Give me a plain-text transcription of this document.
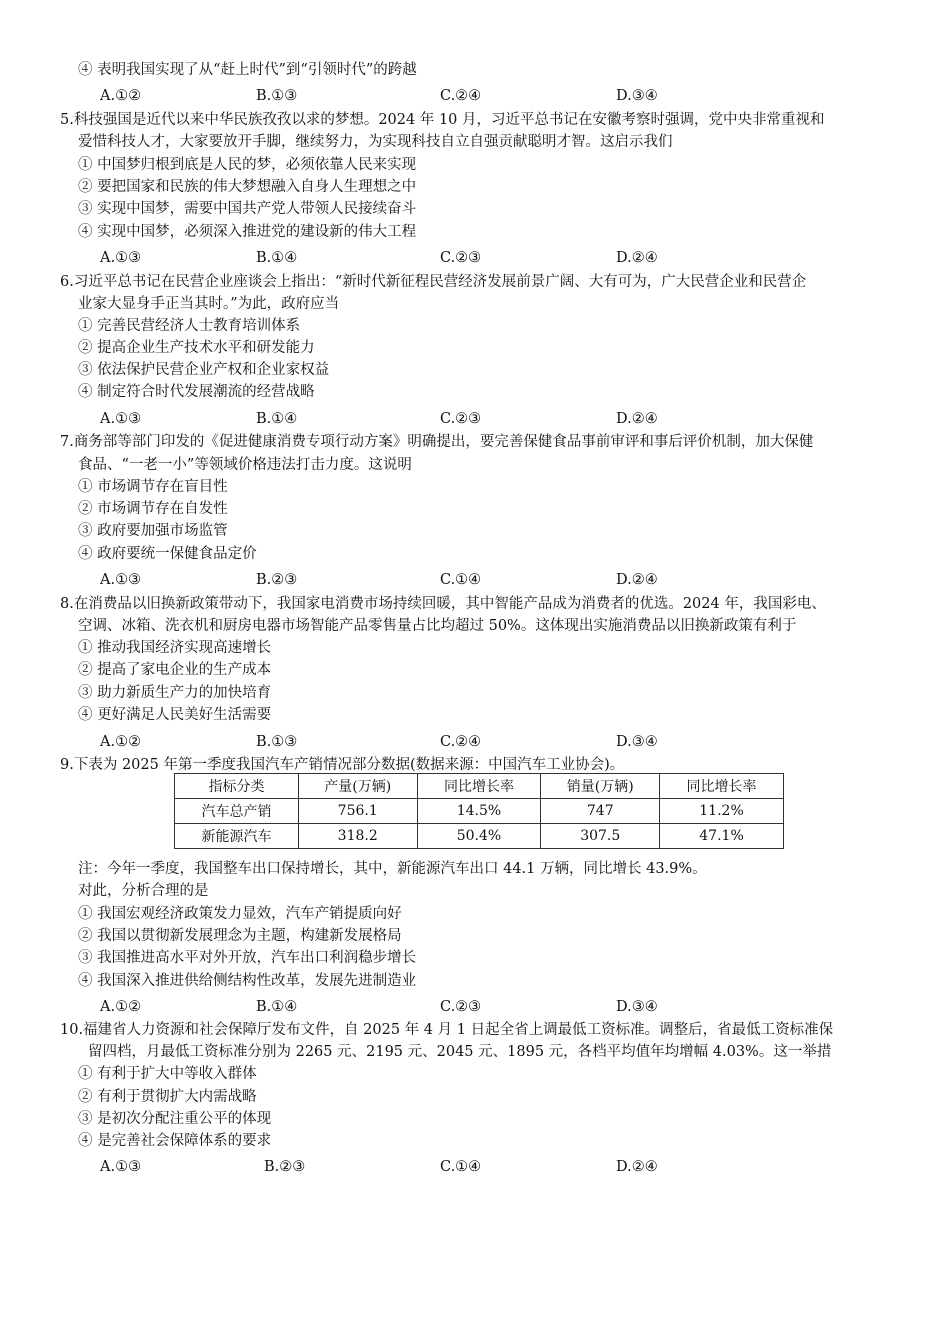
④ 表明我国实现了从“赶上时代”到“引领时代”的跨越
A.①②	B.①③	C.②④	D.③④
5.科技强国是近代以来中华民族孜孜以求的梦想。2024 年 10 月，习近平总书记在安徽考察时强调，党中央非常重视和
爱惜科技人才，大家要放开手脚，继续努力，为实现科技自立自强贡献聪明才智。这启示我们
① 中国梦归根到底是人民的梦，必须依靠人民来实现
② 要把国家和民族的伟大梦想融入自身人生理想之中
③ 实现中国梦，需要中国共产党人带领人民接续奋斗
④ 实现中国梦，必须深入推进党的建设新的伟大工程
A.①③	B.①④	C.②③	D.②④
6.习近平总书记在民营企业座谈会上指出：“新时代新征程民营经济发展前景广阔、大有可为，广大民营企业和民营企
业家大显身手正当其时。”为此，政府应当
① 完善民营经济人士教育培训体系
② 提高企业生产技术水平和研发能力
③ 依法保护民营企业产权和企业家权益
④ 制定符合时代发展潮流的经营战略
A.①③	B.①④	C.②③	D.②④
7.商务部等部门印发的《促进健康消费专项行动方案》明确提出，要完善保健食品事前审评和事后评价机制，加大保健
食品、“一老一小”等领域价格违法打击力度。这说明
① 市场调节存在盲目性
② 市场调节存在自发性
③ 政府要加强市场监管
④ 政府要统一保健食品定价
A.①③	B.②③	C.①④	D.②④
8.在消费品以旧换新政策带动下，我国家电消费市场持续回暖，其中智能产品成为消费者的优选。2024 年，我国彩电、
空调、冰箱、洗衣机和厨房电器市场智能产品零售量占比均超过 50%。这体现出实施消费品以旧换新政策有利于
① 推动我国经济实现高速增长
② 提高了家电企业的生产成本
③ 助力新质生产力的加快培育
④ 更好满足人民美好生活需要
A.①②	B.①③	C.②④	D.③④
9.下表为 2025 年第一季度我国汽车产销情况部分数据(数据来源：中国汽车工业协会)。
指标分类	产量(万辆)	同比增长率	销量(万辆)	同比增长率
汽车总产销	756.1	14.5%	747	11.2%
新能源汽车	318.2	50.4%	307.5	47.1%
注：今年一季度，我国整车出口保持增长，其中，新能源汽车出口 44.1 万辆，同比增长 43.9%。
对此，分析合理的是
① 我国宏观经济政策发力显效，汽车产销提质向好
② 我国以贯彻新发展理念为主题，构建新发展格局
③ 我国推进高水平对外开放，汽车出口利润稳步增长
④ 我国深入推进供给侧结构性改革，发展先进制造业
A.①②	B.①④	C.②③	D.③④
10.福建省人力资源和社会保障厅发布文件，自 2025 年 4 月 1 日起全省上调最低工资标准。调整后，省最低工资标准保
留四档，月最低工资标准分别为 2265 元、2195 元、2045 元、1895 元，各档平均值年均增幅 4.03%。这一举措
① 有利于扩大中等收入群体
② 有利于贯彻扩大内需战略
③ 是初次分配注重公平的体现
④ 是完善社会保障体系的要求
A.①③	B.②③	C.①④	D.②④
